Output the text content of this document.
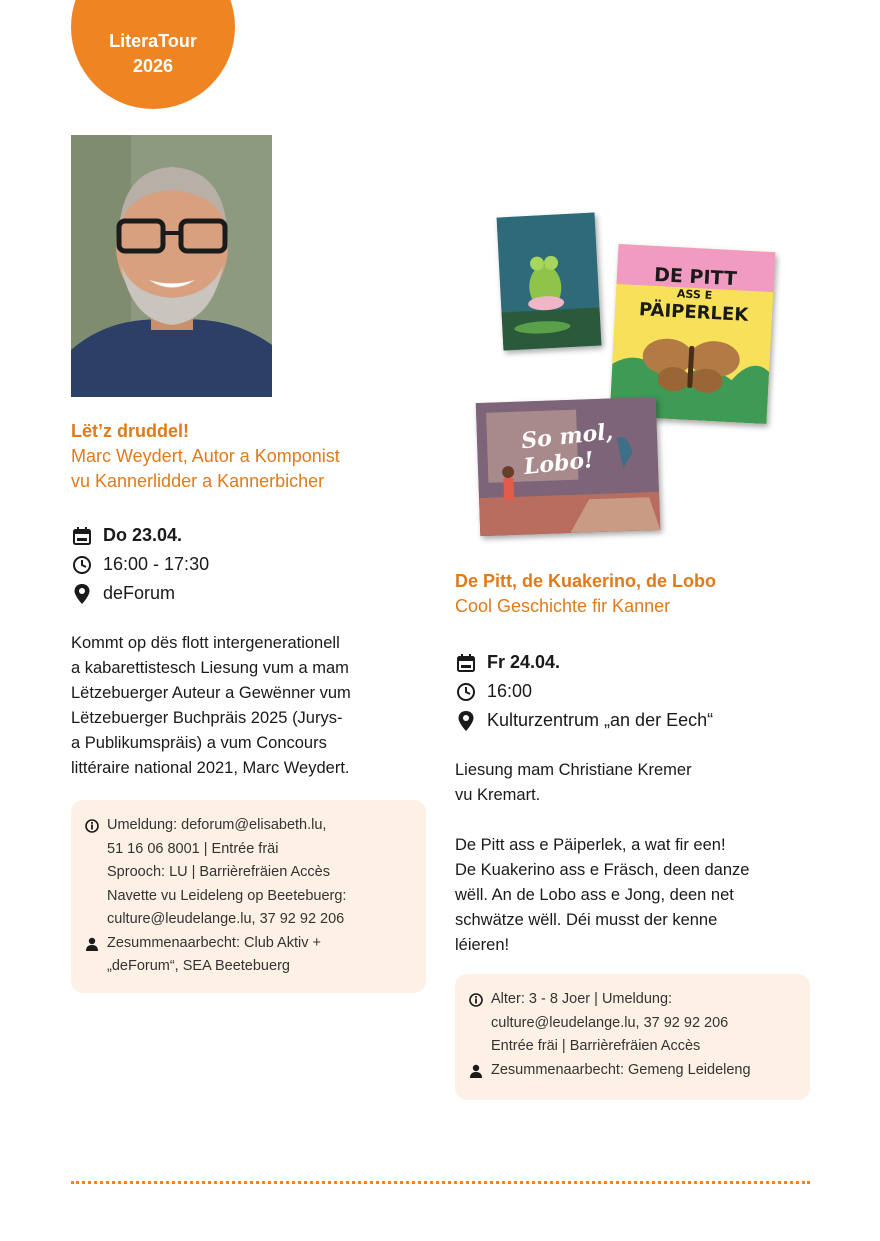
LiteraTour
2026
Lët’z druddel!
Marc Weydert, Autor a Komponist
vu Kannerlidder a Kannerbicher
Do 23.04.
16:00 - 17:30
deForum
Kommt op dës flott intergenerationell
a kabarettistesch Liesung vum a mam
Lëtzebuerger Auteur a Gewënner vum
Lëtzebuerger Buchpräis 2025 (Jurys-
a Publikumspräis) a vum Concours
littéraire national 2021, Marc Weydert.
Umeldung: deforum@elisabeth.lu,
51 16 06 8001 | Entrée fräi
Sprooch: LU | Barrièrefräien Accès
Navette vu Leideleng op Beetebuerg:
culture@leudelange.lu, 37 92 92 206
Zesummenaarbecht: Club Aktiv +
„deForum“, SEA Beetebuerg
DE PITT
ASS E
PÄIPERLEK
So mol, Lobo!
De Pitt, de Kuakerino, de Lobo
Cool Geschichte fir Kanner
Fr 24.04.
16:00
Kulturzentrum „an der Eech“
Liesung mam Christiane Kremer
vu Kremart.
De Pitt ass e Päiperlek, a wat fir een!
De Kuakerino ass e Fräsch, deen danze
wëll. An de Lobo ass e Jong, deen net
schwätze wëll. Déi musst der kenne
léieren!
Alter: 3 - 8 Joer | Umeldung:
culture@leudelange.lu, 37 92 92 206
Entrée fräi | Barrièrefräien Accès
Zesummenaarbecht: Gemeng Leideleng
